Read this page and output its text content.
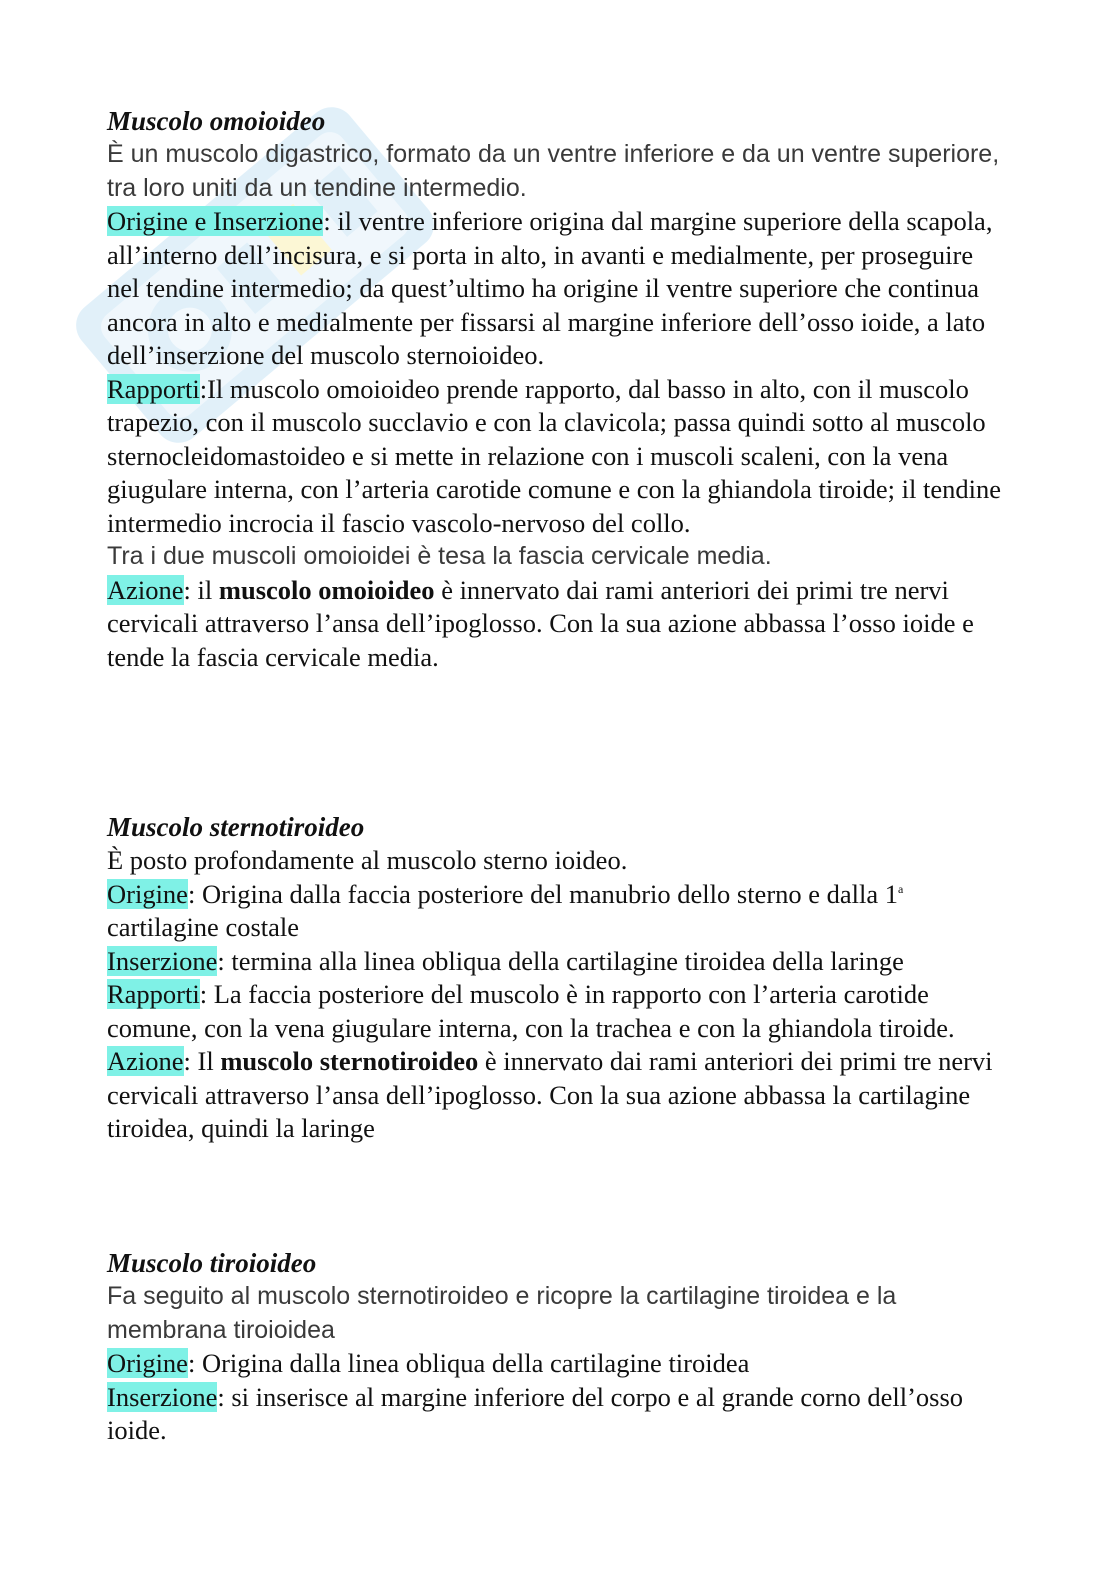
Muscolo omoioideo

È un muscolo digastrico, formato da un ventre inferiore e da un ventre superiore, tra loro uniti da un tendine intermedio.

Origine e Inserzione: il ventre inferiore origina dal margine superiore della scapola, all’interno dell’incisura, e si porta in alto, in avanti e medialmente, per proseguire nel tendine intermedio; da quest’ultimo ha origine il ventre superiore che continua ancora in alto e medialmente per fissarsi al margine inferiore dell’osso ioide, a lato dell’inserzione del muscolo sternoioideo.

Rapporti:Il muscolo omoioideo prende rapporto, dal basso in alto, con il muscolo trapezio, con il muscolo succlavio e con la clavicola; passa quindi sotto al muscolo sternocleidomastoideo e si mette in relazione con i muscoli scaleni, con la vena giugulare interna, con l’arteria carotide comune e con la ghiandola tiroide; il tendine intermedio incrocia il fascio vascolo-nervoso del collo.

Tra i due muscoli omoioidei è tesa la fascia cervicale media.

Azione: il muscolo omoioideo è innervato dai rami anteriori dei primi tre nervi cervicali attraverso l’ansa dell’ipoglosso. Con la sua azione abbassa l’osso ioide e tende la fascia cervicale media.

Muscolo sternotiroideo

È posto profondamente al muscolo sterno ioideo.

Origine: Origina dalla faccia posteriore del manubrio dello sterno e dalla 1$^a$
cartilagine costale

Inserzione: termina alla linea obliqua della cartilagine tiroidea della laringe

Rapporti: La faccia posteriore del muscolo è in rapporto con l’arteria carotide comune, con la vena giugulare interna, con la trachea e con la ghiandola tiroide.

Azione: Il muscolo sternotiroideo è innervato dai rami anteriori dei primi tre nervi cervicali attraverso l’ansa dell’ipoglosso. Con la sua azione abbassa la cartilagine tiroidea, quindi la laringe

Muscolo tiroioideo

Fa seguito al muscolo sternotiroideo e ricopre la cartilagine tiroidea e la membrana tiroioidea

Origine: Origina dalla linea obliqua della cartilagine tiroidea

Inserzione: si inserisce al margine inferiore del corpo e al grande corno dell’osso ioide.
